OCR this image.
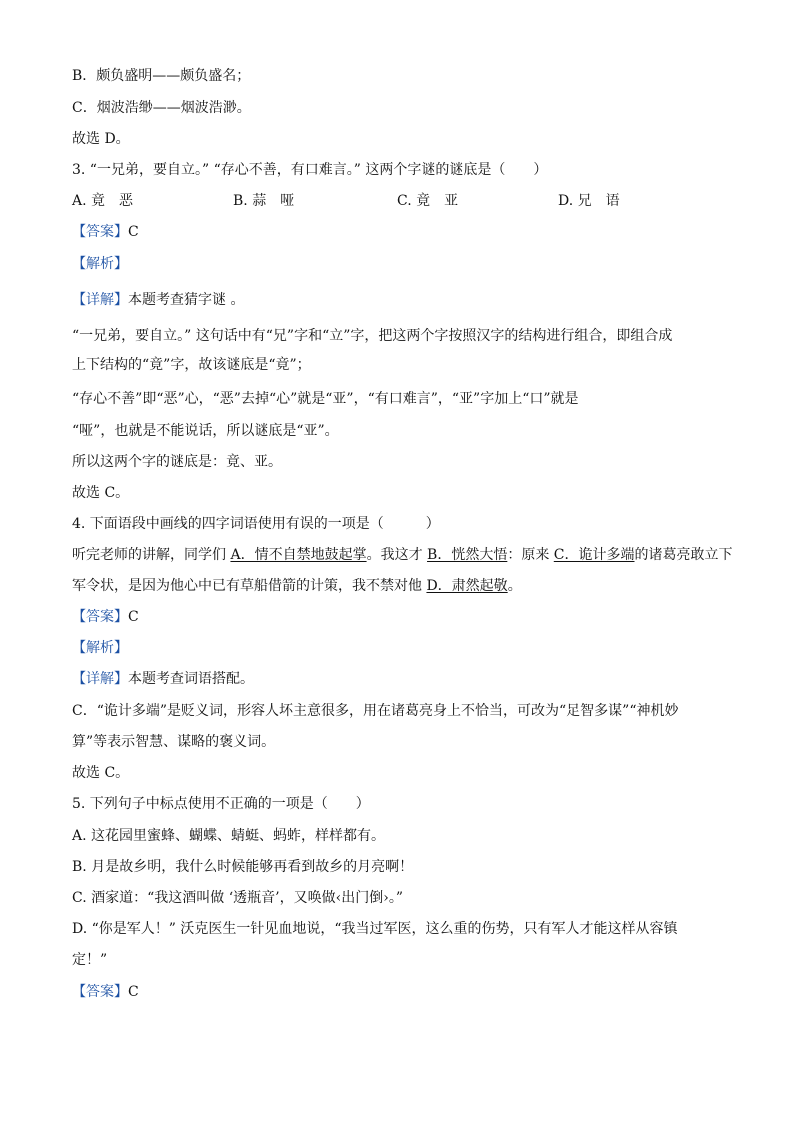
B．颇负盛明——颇负盛名；
C．烟波浩缈——烟波浩渺。
故选 D。
3. “一兄弟，要自立。” “存心不善，有口难言。” 这两个字谜的谜底是（　　）
A. 竟　恶	B. 蒜　哑	C. 竟　亚	D. 兄　语
【答案】C
【解析】
【详解】本题考查猜字谜 。
“一兄弟，要自立。” 这句话中有“兄”字和“立”字，把这两个字按照汉字的结构进行组合，即组合成
上下结构的“竟”字，故该谜底是“竟”；
“存心不善”即“恶”心，“恶”去掉“心”就是“亚”，“有口难言”，“亚”字加上“口”就是
“哑”，也就是不能说话，所以谜底是“亚”。
所以这两个字的谜底是：竟、亚。
故选 C。
4. 下面语段中画线的四字词语使用有误的一项是（　　　）
听完老师的讲解，同学们 A．情不自禁地鼓起掌。我这才 B．恍然大悟：原来 C．诡计多端的诸葛亮敢立下
军令状，是因为他心中已有草船借箭的计策，我不禁对他 D．肃然起敬。
【答案】C
【解析】
【详解】本题考查词语搭配。
C．“诡计多端”是贬义词，形容人坏主意很多，用在诸葛亮身上不恰当，可改为“足智多谋”“神机妙
算”等表示智慧、谋略的褒义词。
故选 C。
5. 下列句子中标点使用不正确的一项是（　　）
A. 这花园里蜜蜂、蝴蝶、蜻蜓、蚂蚱，样样都有。
B. 月是故乡明，我什么时候能够再看到故乡的月亮啊！
C. 酒家道：“我这酒叫做 ‘透瓶音’，又唤做‹出门倒›。”
D. “你是军人！” 沃克医生一针见血地说，“我当过军医，这么重的伤势，只有军人才能这样从容镇
定！”
【答案】C
